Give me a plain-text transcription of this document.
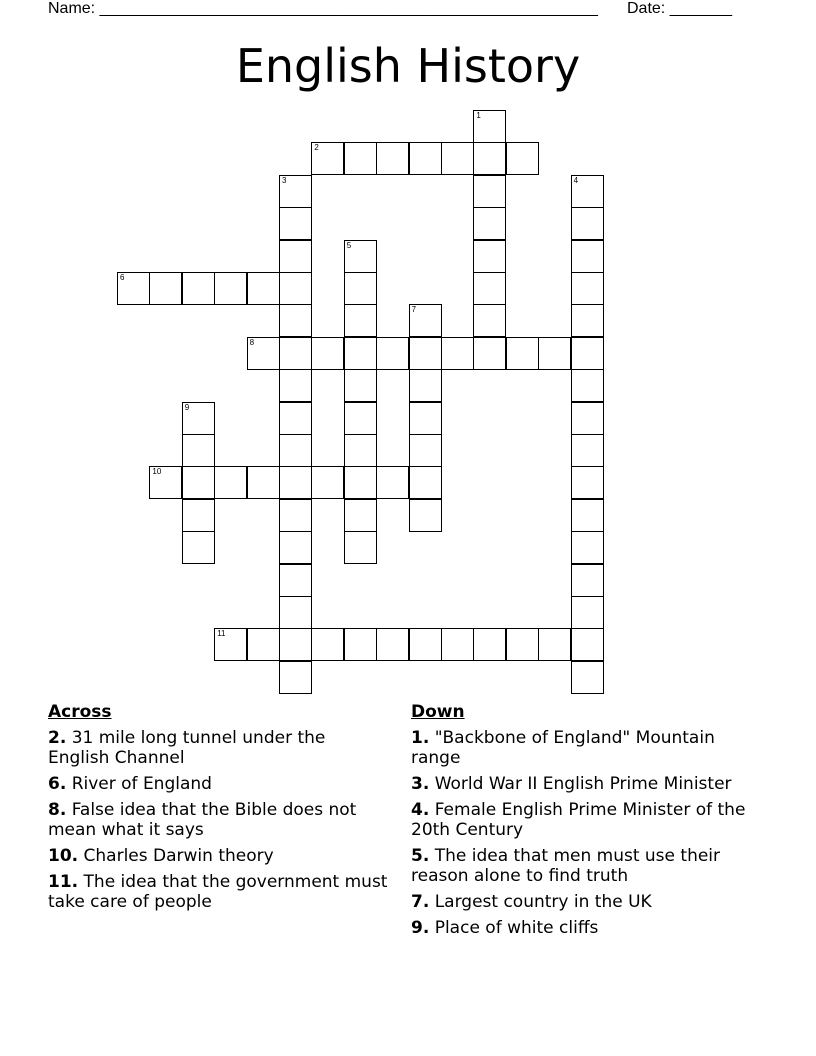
Name: ________________________________________________________ Date: _______
English History
1
2
3	4
5
6
7
8
9
10
11
Across
2. 31 mile long tunnel under the English Channel
6. River of England
8. False idea that the Bible does not mean what it says
10. Charles Darwin theory
11. The idea that the government must take care of people
Down
1. "Backbone of England" Mountain range
3. World War II English Prime Minister
4. Female English Prime Minister of the 20th Century
5. The idea that men must use their reason alone to find truth
7. Largest country in the UK
9. Place of white cliffs
